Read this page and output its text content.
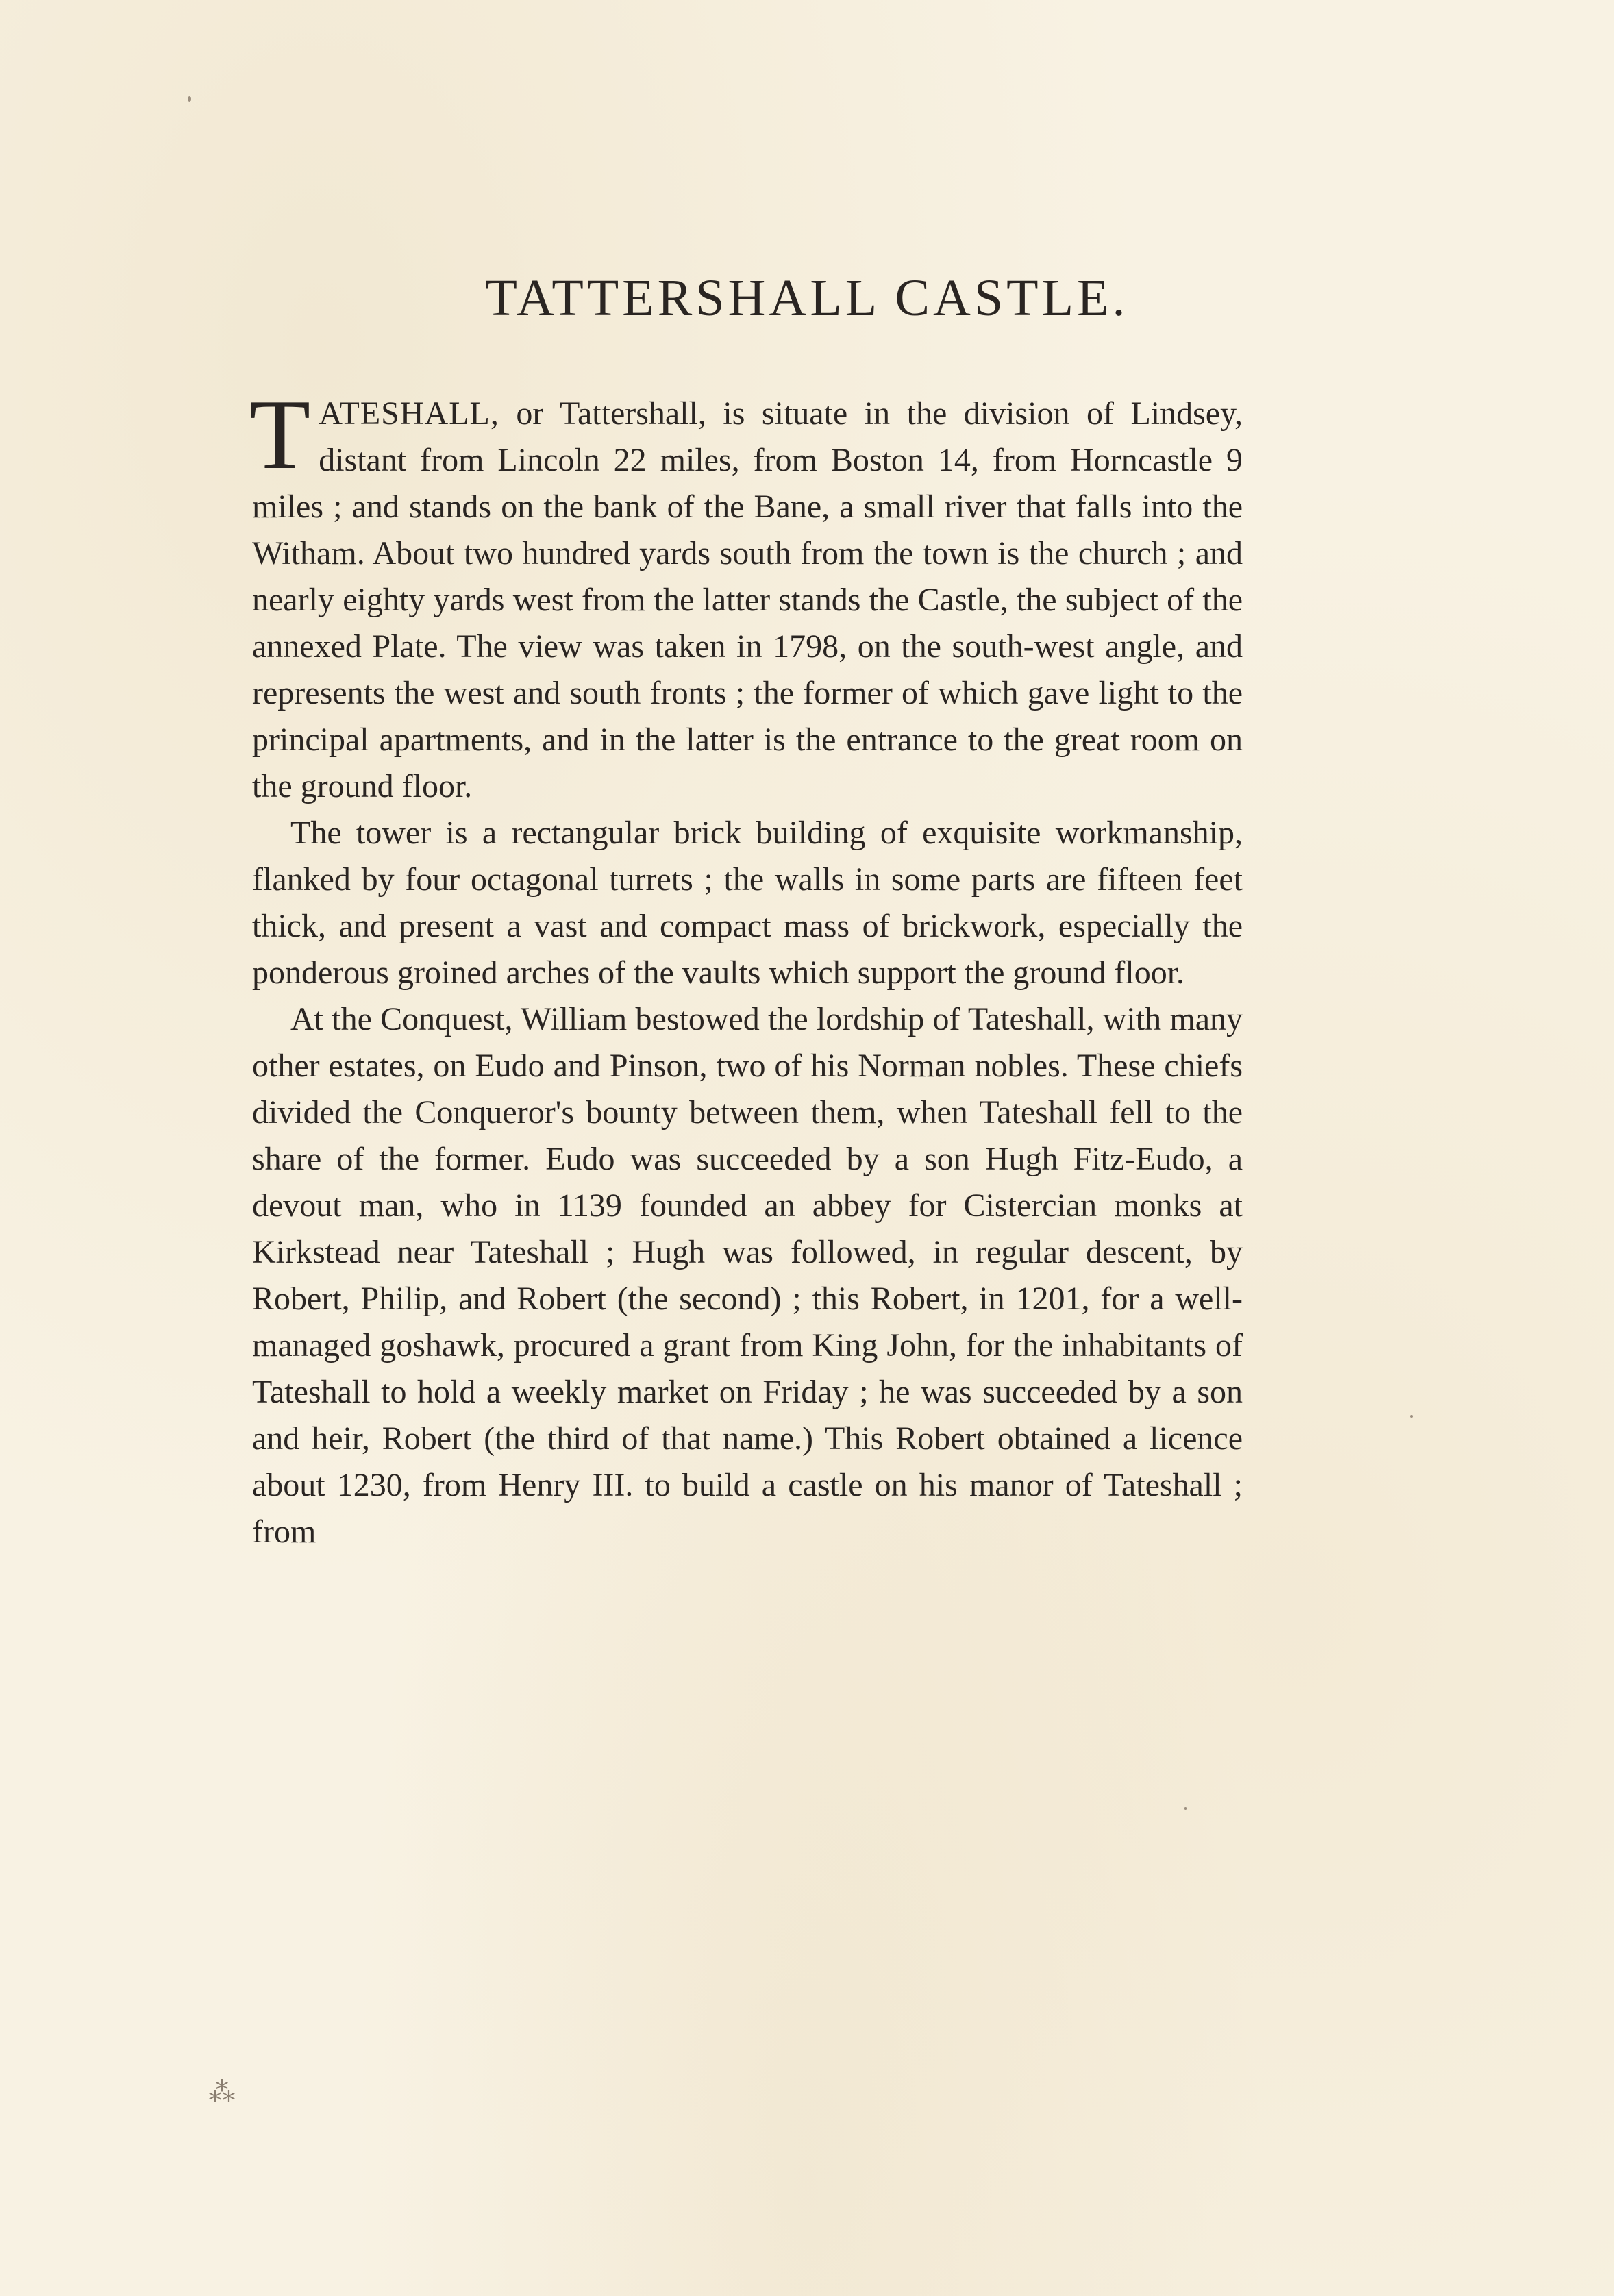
TATTERSHALL CASTLE.

TATESHALL, or Tattershall, is situate in the division of Lindsey, distant from Lincoln 22 miles, from Boston 14, from Horncastle 9 miles ; and stands on the bank of the Bane, a small river that falls into the Witham. About two hundred yards south from the town is the church ; and nearly eighty yards west from the latter stands the Castle, the subject of the annexed Plate. The view was taken in 1798, on the south-west angle, and represents the west and south fronts ; the former of which gave light to the principal apartments, and in the latter is the entrance to the great room on the ground floor.

The tower is a rectangular brick building of exquisite workmanship, flanked by four octagonal turrets ; the walls in some parts are fifteen feet thick, and present a vast and compact mass of brickwork, especially the ponderous groined arches of the vaults which support the ground floor.

At the Conquest, William bestowed the lordship of Tateshall, with many other estates, on Eudo and Pinson, two of his Norman nobles. These chiefs divided the Conqueror's bounty between them, when Tateshall fell to the share of the former. Eudo was succeeded by a son Hugh Fitz-Eudo, a devout man, who in 1139 founded an abbey for Cistercian monks at Kirkstead near Tateshall ; Hugh was followed, in regular descent, by Robert, Philip, and Robert (the second) ; this Robert, in 1201, for a well-managed goshawk, procured a grant from King John, for the inhabitants of Tateshall to hold a weekly market on Friday ; he was succeeded by a son and heir, Robert (the third of that name.) This Robert obtained a licence about 1230, from Henry III. to build a castle on his manor of Tateshall ; from

⁂
